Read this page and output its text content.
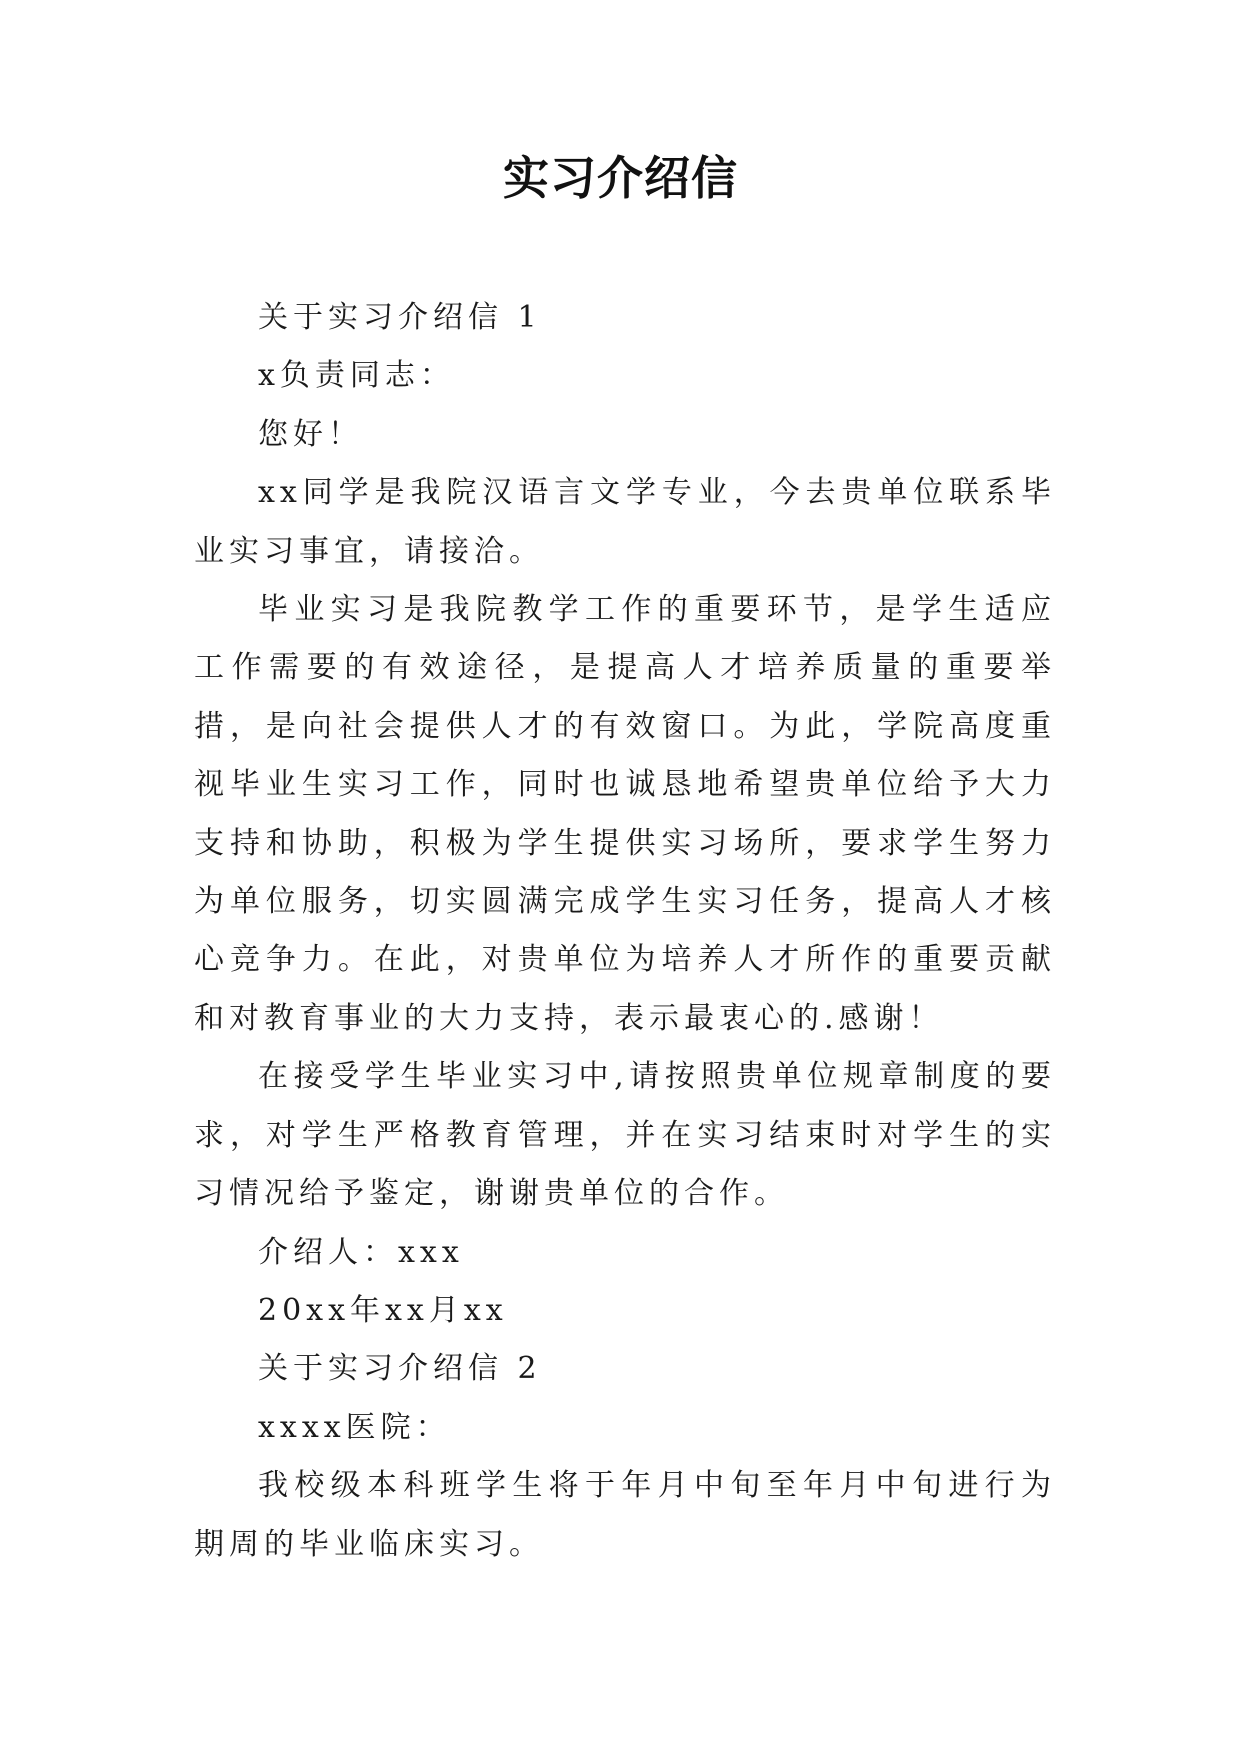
实习介绍信

关于实习介绍信 1

x负责同志：

您好！

xx同学是我院汉语言文学专业，今去贵单位联系毕业实习事宜，请接洽。

毕业实习是我院教学工作的重要环节，是学生适应工作需要的有效途径，是提高人才培养质量的重要举措，是向社会提供人才的有效窗口。为此，学院高度重视毕业生实习工作，同时也诚恳地希望贵单位给予大力支持和协助，积极为学生提供实习场所，要求学生努力为单位服务，切实圆满完成学生实习任务，提高人才核心竞争力。在此，对贵单位为培养人才所作的重要贡献和对教育事业的大力支持，表示最衷心的.感谢！

在接受学生毕业实习中,请按照贵单位规章制度的要求，对学生严格教育管理，并在实习结束时对学生的实习情况给予鉴定，谢谢贵单位的合作。

介绍人：xxx

20xx年xx月xx

关于实习介绍信 2

xxxx医院：

我校级本科班学生将于年月中旬至年月中旬进行为期周的毕业临床实习。
